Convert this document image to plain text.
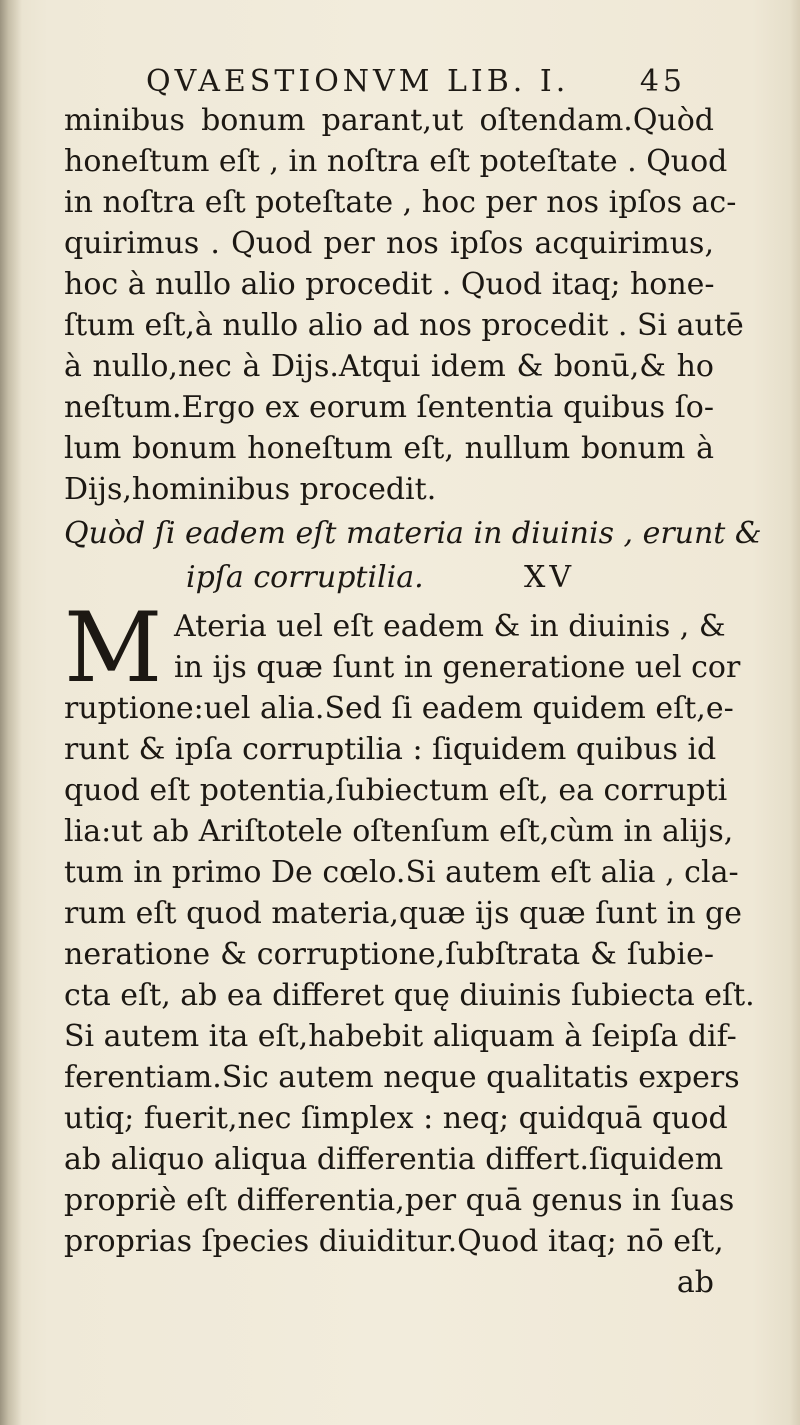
QVAESTIONVM LIB. I. 45
minibus bonum parant,ut oſtendam.Quòd
honeſtum eſt , in noſtra eſt poteſtate . Quod
in noſtra eſt poteſtate , hoc per nos ipſos ac-
quirimus . Quod per nos ipſos acquirimus,
hoc à nullo alio procedit . Quod itaq; hone-
ſtum eſt,à nullo alio ad nos procedit . Si autē
à nullo,nec à Dijs.Atqui idem & bonū,& ho
neſtum.Ergo ex eorum ſententia quibus ſo-
lum bonum honeſtum eſt, nullum bonum à
Dijs,hominibus procedit.
Quòd ſi eadem eſt materia in diuinis , erunt &
ipſa corruptilia.	XV
M Ateria uel eſt eadem & in diuinis , &
in ijs quæ ſunt in generatione uel cor
ruptione:uel alia.Sed ſi eadem quidem eſt,e-
runt & ipſa corruptilia : ſiquidem quibus id
quod eſt potentia,ſubiectum eſt, ea corrupti
lia:ut ab Ariſtotele oſtenſum eſt,cùm in alijs,
tum in primo De cœlo.Si autem eſt alia , cla-
rum eſt quod materia,quæ ijs quæ ſunt in ge
neratione & corruptione,ſubſtrata & ſubie-
cta eſt, ab ea differet quę diuinis ſubiecta eſt.
Si autem ita eſt,habebit aliquam à ſeipſa dif-
ferentiam.Sic autem neque qualitatis expers
utiq; fuerit,nec ſimplex : neq; quidquā quod
ab aliquo aliqua differentia differt.ſiquidem
propriè eſt differentia,per quā genus in ſuas
proprias ſpecies diuiditur.Quod itaq; nō eſt,
ab
